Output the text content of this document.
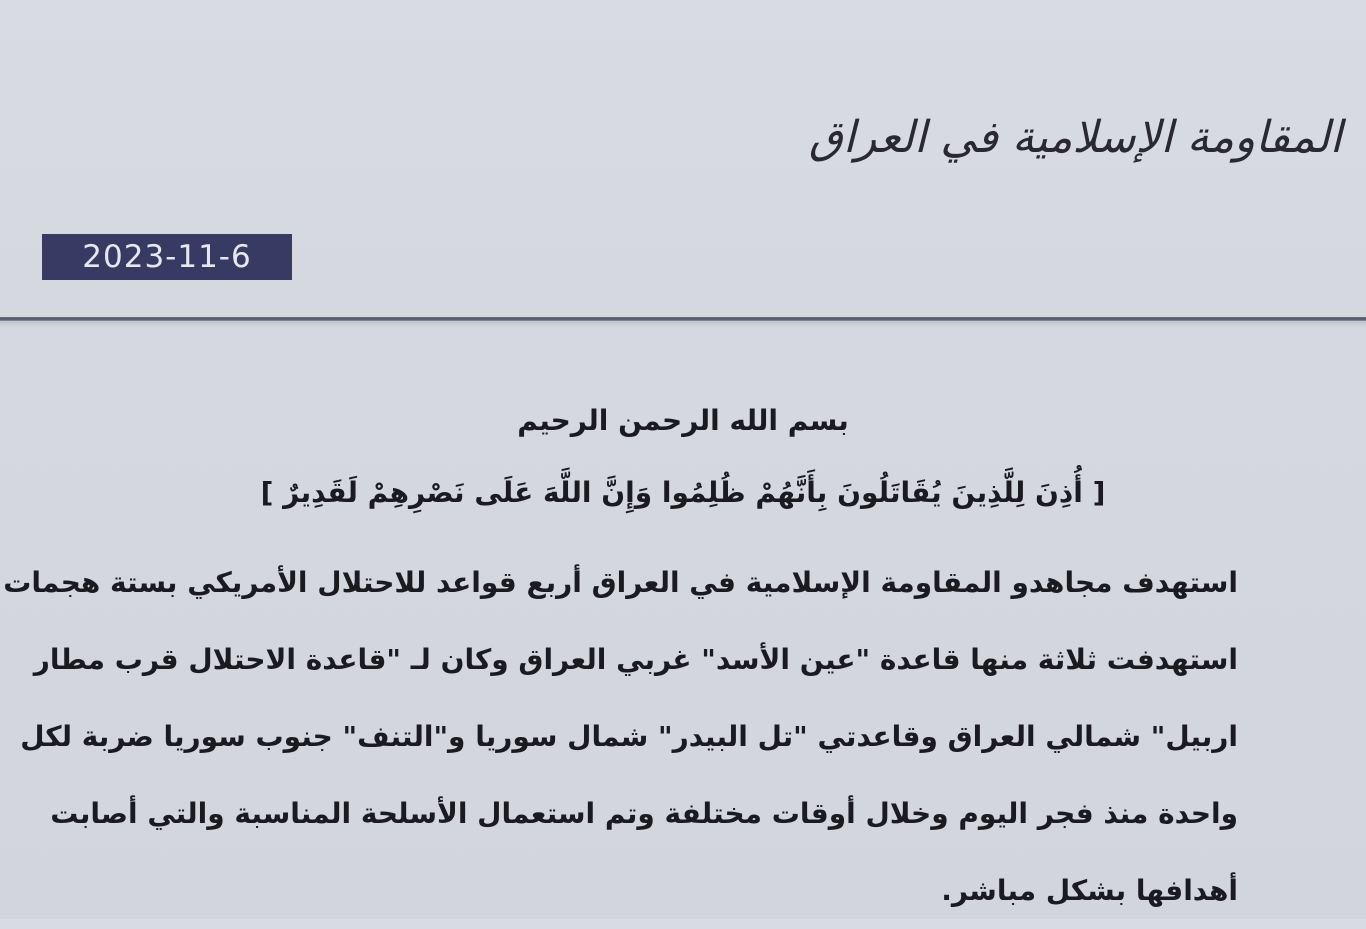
المقاومة الإسلامية في العراق
2023-11-6
بسم الله الرحمن الرحيم
[ أُذِنَ لِلَّذِينَ يُقَاتَلُونَ بِأَنَّهُمْ ظُلِمُوا وَإِنَّ اللَّهَ عَلَى نَصْرِهِمْ لَقَدِيرٌ ]
استهدف مجاهدو المقاومة الإسلامية في العراق أربع قواعد للاحتلال الأمريكي بستة هجمات
استهدفت ثلاثة منها قاعدة "عين الأسد" غربي العراق وكان لـ "قاعدة الاحتلال قرب مطار
اربيل" شمالي العراق وقاعدتي "تل البيدر" شمال سوريا و"التنف" جنوب سوريا ضربة لكل
واحدة منذ فجر اليوم وخلال أوقات مختلفة وتم استعمال الأسلحة المناسبة والتي أصابت
أهدافها بشكل مباشر.
